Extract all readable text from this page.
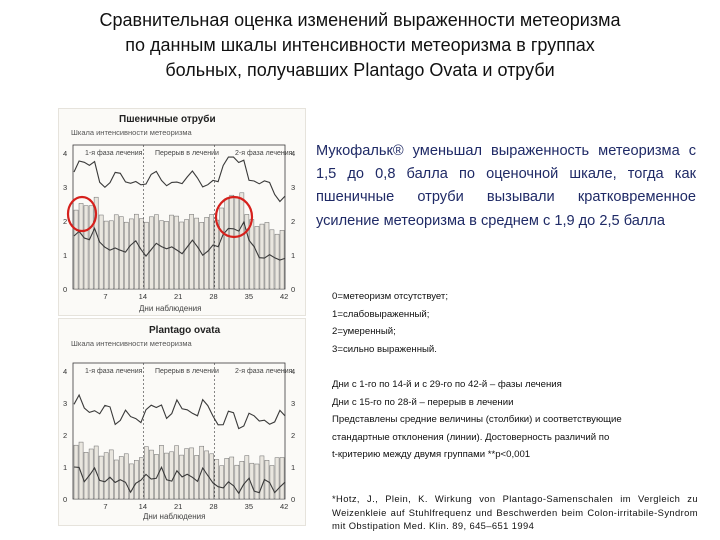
Сравнительная оценка изменений выраженности метеоризма по данным шкалы интенсивности метеоризма в группах больных, получавших Plantago Ovata и отруби
Пшеничные отруби
Шкала интенсивности метеоризма
0	0
1	1
2	2
3	3
4	4
7	14	21	28	35	42
1-я фаза лечения Перерыв в лечении 2-я фаза лечения
Дни наблюдения
Plantago ovata
Шкала интенсивности метеоризма
0	0
1	1
2	2
3	3
4	4
7	14	21	28	35	42
1-я фаза лечения Перерыв в лечении 2-я фаза лечения
Дни наблюдения
Мукофальк® уменьшал выраженность метеоризма с 1,5 до 0,8 балла по оценочной шкале, тогда как пшеничные отруби вызывали кратковременное усиление метеоризма в среднем с 1,9 до 2,5 балла
0=метеоризм отсутствует;
1=слабовыраженный;
2=умеренный;
3=сильно выраженный.
Дни с 1-го по 14-й и с 29-го по 42-й – фазы лечения
Дни с 15-го по 28-й – перерыв в лечении
Представлены средние величины (столбики) и соответствующие
стандартные отклонения (линии). Достоверность различий по
t-критерию между двумя группами **p<0,001
*Hotz, J., Plein, K. Wirkung von Plantago-Samenschalen im Vergleich zu Weizenkleie auf Stuhlfrequenz und Beschwerden beim Colon-irritabile-Syndrom mit Obstipation Med. Klin. 89, 645–651 1994
